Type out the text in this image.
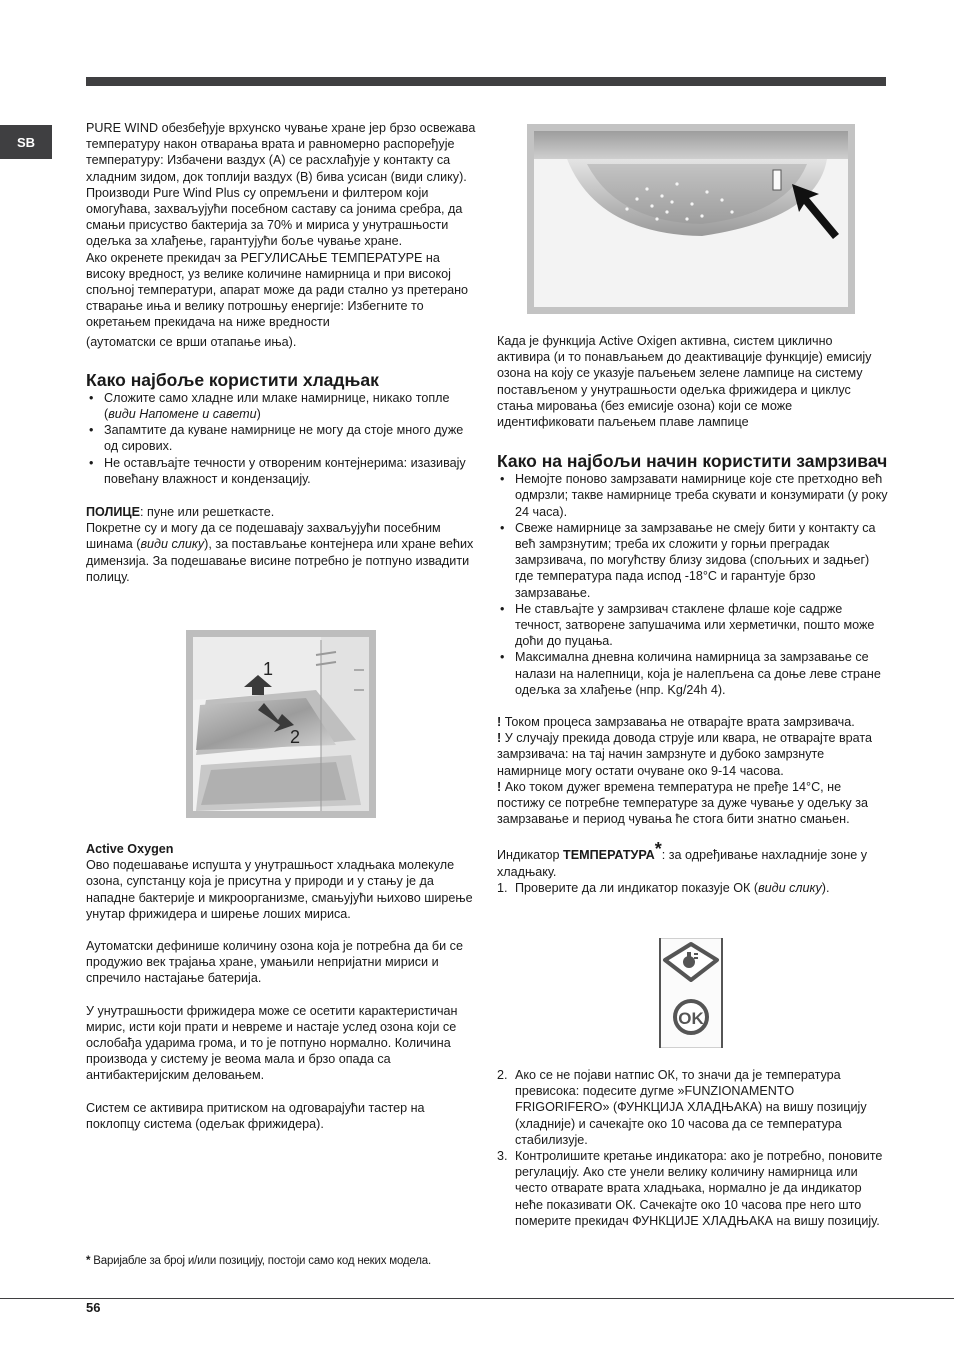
SB

PURE WIND обезбеђује врхунско чување хране јер брзо освежава температуру након отварања врата и равномерно распоређује температуру: Избачени ваздух (А) се расхлађује у контакту са хладним зидом, док топлији ваздух (В) бива усисан (види слику).

Производи Pure Wind Plus су опремљени и филтером који омогућава, захваљујући посебном саставу са јонима сребра, да смањи присуство бактерија за 70% и мириса у унутрашњости одељка за хлађење, гарантујући боље чување хране.

Ако окренете прекидач за РЕГУЛИСАЊЕ ТЕМПЕРАТУРЕ на високу вредност, уз велике количине намирница и при високој спољној температури, апарат може да ради стално уз претерано стварање иња и велику потрошњу енергије: Избегните то окретањем прекидача на ниже вредности

(аутоматски се врши отапање иња).

Како најбоље користити хладњак
• Сложите само хладне или млаке намирнице, никако топле (види Напомене и савети)
• Запамтите да куване намирнице не могу да стоје много дуже од сирових.
• Не остављајте течности у отвореним контејнерима: изазивају повећану влажност и кондензацију.

ПОЛИЦЕ: пуне или решеткасте.

Покретне су и могу да се подешавају захваљујући посебним шинама (види слику), за постављање контејнера или хране већих димензија. За подешавање висине потребно је потпуно извадити полицу.

1
2

Active Oxygen

Ово подешавање испушта у унутрашњост хладњака молекуле озона, супстанцу која је присутна у природи и у стању је да нападне бактерије и микроорганизме, смањујући њихово ширење унутар фрижидера и ширење лоших мириса.

Аутоматски дефинише количину озона која је потребна да би се продужио век трајања хране, умањили непријатни мириси и спречило настајање батерија.

У унутрашњости фрижидера може се осетити карактеристичан мирис, исти који прати и невреме и настаје услед озона који се ослобађа ударима грома, и то је потпуно нормално. Количина производа у систему је веома мала и брзо опада са антибактеријским деловањем.

Систем се активира притиском на одговарајући тастер на поклопцу система (одељак фрижидера).

Када је функција Active Oxigen активна, систем циклично активира (и то понављањем до деактивације функције) емисију озона на коју се указује паљењем зелене лампице на систему постављеном у унутрашњости одељка фрижидера и циклус стања мировања (без емисије озона) који се може идентификовати паљењем плаве лампице

Како на најбољи начин користити замрзивач
• Немојте поново замрзавати намирнице које сте претходно већ одмрзли; такве намирнице треба скувати и конзумирати (у року 24 часа).
• Свеже намирнице за замрзавање не смеју бити у контакту са већ замрзнутим; треба их сложити у горњи преградак замрзивача, по могућству близу зидова (спољњих и задњег) где температура пада испод -18°C и гарантује брзо замрзавање.
• Не стављајте у замрзивач стаклене флаше које садрже течност, затворене запушачима или херметички, пошто може доћи до пуцања.
• Максимална дневна количина намирница за замрзавање се налази на налепници, која је налепљена са доње леве стране одељка за хлађење (нпр. Kg/24h 4).

! Током процеса замрзавања не отварајте врата замрзивача.

! У случају прекида довода струје или квара, не отварајте врата замрзивача: на тај начин замрзнуте и дубоко замрзнуте намирнице могу остати очуване око 9-14 часова.

! Ако током дужег времена температура не пређе 14°C, не постижу се потребне температуре за дуже чување у одељку за замрзавање и период чувања ће стога бити знатно смањен.

Индикатор ТЕМПЕРАТУРА*: за одређивање нахладније зоне у хладњаку.

1. Проверите да ли индикатор показује ОК (види слику).
OK
2. Ако се не појави натпис ОК, то значи да је температура превисока: подесите дугме »FUNZIONAMENTO FRIGORIFERO» (ФУНКЦИЈА ХЛАДЊАКА) на вишу позицију (хладније) и сачекајте око 10 часова да се температура стабилизује.
3. Контролишите кретање индикатора: ако је потребно, поновите регулацију. Ако сте унели велику количину намирница или често отварате врата хладњака, нормално је да индикатор неће показивати ОК. Сачекајте око 10 часова пре него што померите прекидач ФУНКЦИЈЕ ХЛАДЊАКА на вишу позицију.
* Варијабле за број и/или позицију, постоји само код неких модела.
56
